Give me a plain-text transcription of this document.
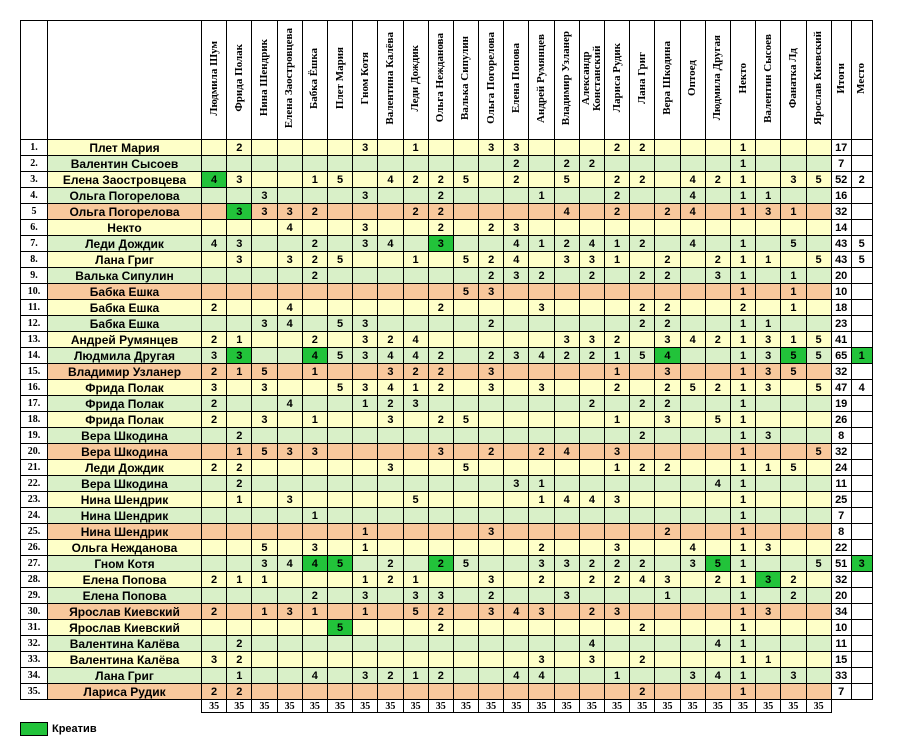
		Людмила Шум	Фрида Полак	Нина Шендрик	Елена Заостровцева	Бабка Ёшка	Плет Мария	Гном Котя	Валентина Калёва	Леди Дождик	Ольга Нежданова	Валька Сипулин	Ольга Погорелова	Елена Попова	Андрей Румянцев	Владимир Узланер	Александр Констанский	Лариса Рудик	Лана Григ	Вера Шкодина	Оптоед	Людмила Другая	Некто	Валентин Сысоев	Фанатка Лд	Ярослав Киевский	Итоги	Место
1.	Плет Мария		2					3		1			3	3				2	2				1				17	
2.	Валентин Сысоев													2		2	2						1				7	
3.	Елена Заостровцева	4	3			1	5		4	2	2	5		2		5		2	2		4	2	1		3	5	52	2
4.	Ольга Погорелова			3				3			2				1			2			4		1	1			16	
5	Ольга Погорелова		3	3	3	2				2	2					4		2		2	4		1	3	1		32	
6.	Некто				4			3			2		2	3													14	
7.	Леди Дождик	4	3			2		3	4		3			4	1	2	4	1	2		4		1		5		43	5
8.	Лана Григ		3		3	2	5			1		5	2	4		3	3	1		2		2	1	1		5	43	5
9.	Валька Сипулин					2							2	3	2		2		2	2		3	1		1		20	
10.	Бабка Ешка											5	3										1		1		10	
11.	Бабка Ешка	2			4						2				3				2	2			2		1		18	
12.	Бабка Ешка			3	4		5	3					2						2	2			1	1			23	
13.	Андрей Румянцев	2	1			2		3	2	4						3	3	2		3	4	2	1	3	1	5	41	
14.	Людмила Другая	3	3			4	5	3	4	4	2		2	3	4	2	2	1	5	4			1	3	5	5	65	1
15.	Владимир Узланер	2	1	5		1			3	2	2		3					1		3			1	3	5		32	
16.	Фрида Полак	3		3			5	3	4	1	2		3		3			2		2	5	2	1	3		5	47	4
17.	Фрида Полак	2			4			1	2	3							2		2	2			1				19	
18.	Фрида Полак	2		3		1			3		2	5						1		3		5	1				26	
19.	Вера Шкодина		2																2				1	3			8	
20.	Вера Шкодина		1	5	3	3					3		2		2	4		3					1			5	32	
21.	Леди Дождик	2	2						3			5						1	2	2			1	1	5		24	
22.	Вера Шкодина		2											3	1							4	1				11	
23.	Нина Шендрик		1		3					5					1	4	4	3					1				25	
24.	Нина Шендрик					1																	1				7	
25.	Нина Шендрик							1					3							2			1				8	
26.	Ольга Нежданова			5		3		1							2			3			4		1	3			22	
27.	Гном Котя			3	4	4	5		2		2	5			3	3	2	2	2		3	5	1			5	51	3
28.	Елена Попова	2	1	1				1	2	1			3		2		2	2	4	3		2	1	3	2		32	
29.	Елена Попова					2		3		3	3		2			3				1			1		2		20	
30.	Ярослав Киевский	2		1	3	1		1		5	2		3	4	3		2	3					1	3			34	
31.	Ярослав Киевский						5				2								2				1				10	
32.	Валентина Калёва		2														4					4	1				11	
33.	Валентина Калёва	3	2												3		3		2				1	1			15	
34.	Лана Григ		1			4		3	2	1	2			4	4			1			3	4	1		3		33	
35.	Лариса Рудик	2	2																2				1				7	
		35	35	35	35	35	35	35	35	35	35	35	35	35	35	35	35	35	35	35	35	35	35	35	35	35		
Креатив
